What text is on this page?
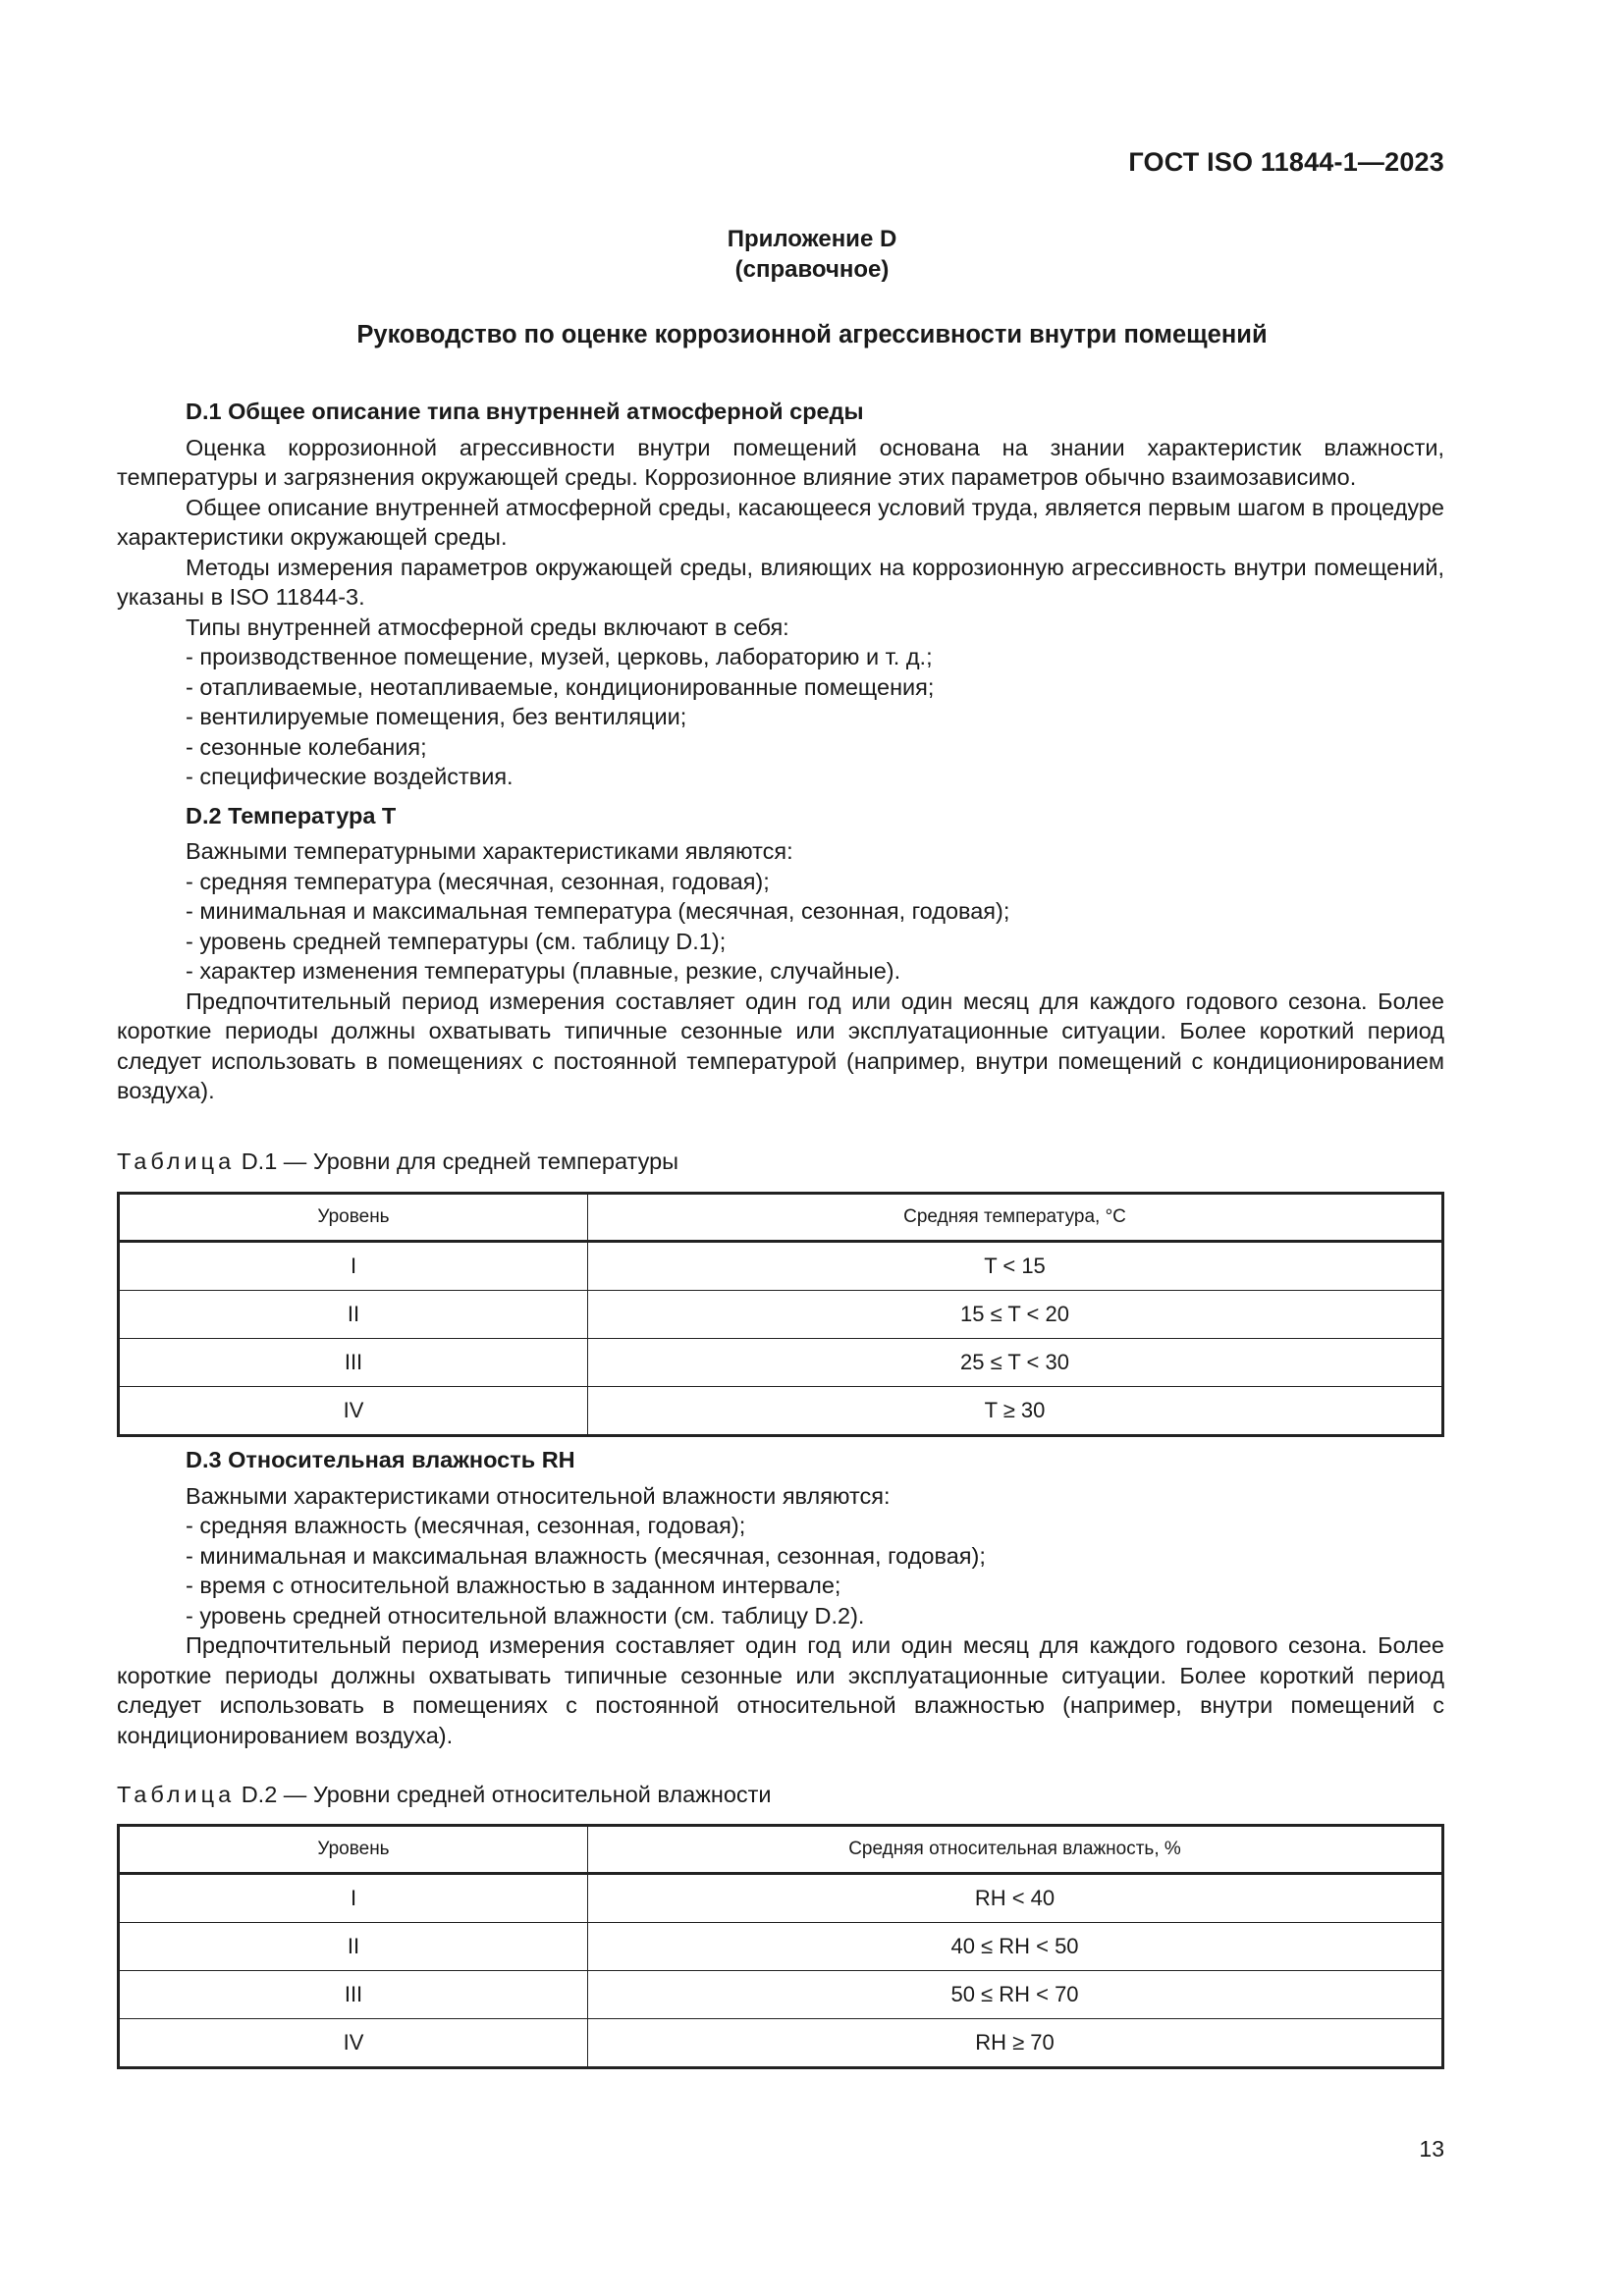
ГОСТ ISO 11844-1—2023
Приложение D
(справочное)
Руководство по оценке коррозионной агрессивности внутри помещений
D.1 Общее описание типа внутренней атмосферной среды

Оценка коррозионной агрессивности внутри помещений основана на знании характеристик влажности, температуры и загрязнения окружающей среды. Коррозионное влияние этих параметров обычно взаимозависимо.

Общее описание внутренней атмосферной среды, касающееся условий труда, является первым шагом в процедуре характеристики окружающей среды.

Методы измерения параметров окружающей среды, влияющих на коррозионную агрессивность внутри помещений, указаны в ISO 11844-3.

Типы внутренней атмосферной среды включают в себя:

- производственное помещение, музей, церковь, лабораторию и т. д.;
- отапливаемые, неотапливаемые, кондиционированные помещения;
- вентилируемые помещения, без вентиляции;
- сезонные колебания;
- специфические воздействия.
D.2 Температура Т

Важными температурными характеристиками являются:

- средняя температура (месячная, сезонная, годовая);
- минимальная и максимальная температура (месячная, сезонная, годовая);
- уровень средней температуры (см. таблицу D.1);
- характер изменения температуры (плавные, резкие, случайные).

Предпочтительный период измерения составляет один год или один месяц для каждого годового сезона. Более короткие периоды должны охватывать типичные сезонные или эксплуатационные ситуации. Более короткий период следует использовать в помещениях с постоянной температурой (например, внутри помещений с кондиционированием воздуха).

Таблица D.1 — Уровни для средней температуры
Уровень	Средняя температура, °С
I	T < 15
II	15 ≤ T < 20
III	25 ≤ T < 30
IV	T ≥ 30
D.3 Относительная влажность RH

Важными характеристиками относительной влажности являются:

- средняя влажность (месячная, сезонная, годовая);
- минимальная и максимальная влажность (месячная, сезонная, годовая);
- время с относительной влажностью в заданном интервале;
- уровень средней относительной влажности (см. таблицу D.2).

Предпочтительный период измерения составляет один год или один месяц для каждого годового сезона. Более короткие периоды должны охватывать типичные сезонные или эксплуатационные ситуации. Более короткий период следует использовать в помещениях с постоянной относительной влажностью (например, внутри помещений с кондиционированием воздуха).

Таблица D.2 — Уровни средней относительной влажности
Уровень	Средняя относительная влажность, %
I	RH < 40
II	40 ≤ RH < 50
III	50 ≤ RH < 70
IV	RH ≥ 70
13
